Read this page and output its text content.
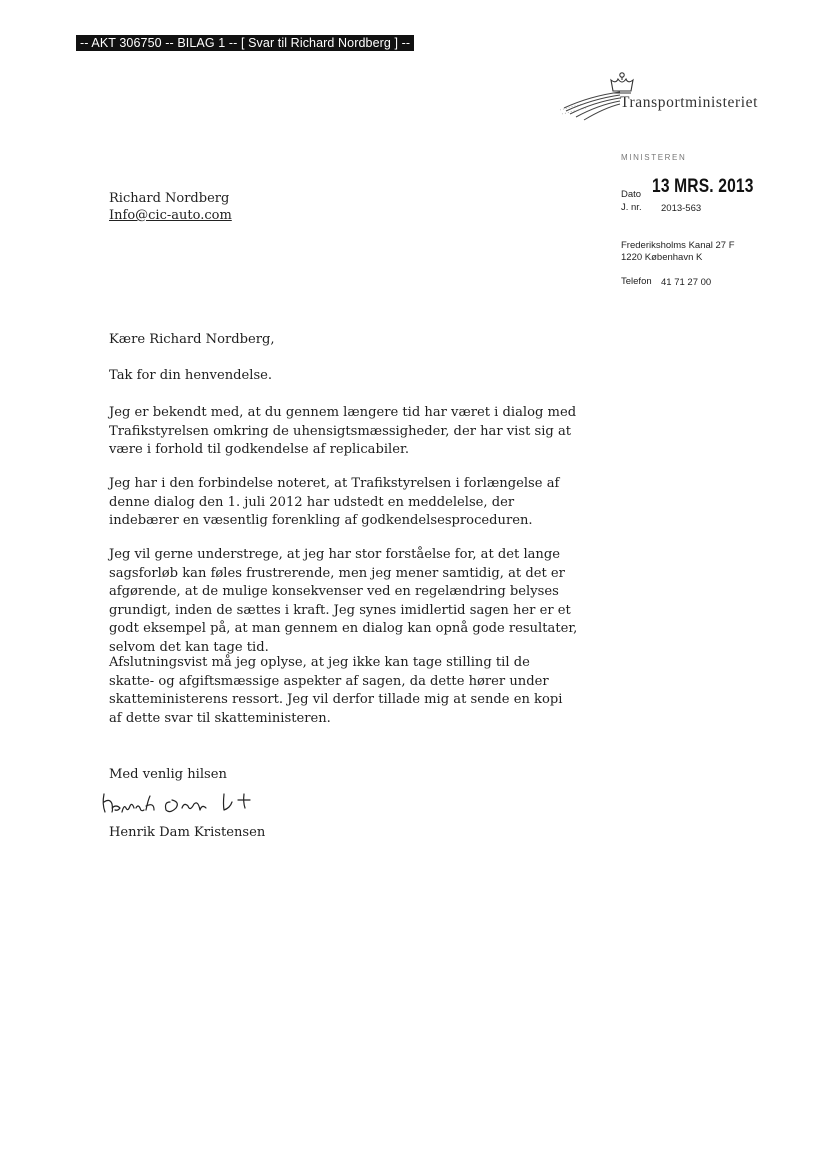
-- AKT 306750 -- BILAG 1 -- [ Svar til Richard Nordberg ] --
Transportministeriet
MINISTEREN
Dato 13 MRS. 2013
J. nr. 2013-563
Frederiksholms Kanal 27 F
1220 København K
Telefon 41 71 27 00
Richard Nordberg
Info@cic-auto.com
Kære Richard Nordberg,
Tak for din henvendelse.
Jeg er bekendt med, at du gennem længere tid har været i dialog med Trafikstyrelsen omkring de uhensigtsmæssigheder, der har vist sig at være i forhold til godkendelse af replicabiler.
Jeg har i den forbindelse noteret, at Trafikstyrelsen i forlængelse af denne dialog den 1. juli 2012 har udstedt en meddelelse, der indebærer en væsentlig forenkling af godkendelsesproceduren.
Jeg vil gerne understrege, at jeg har stor forståelse for, at det lange sagsforløb kan føles frustrerende, men jeg mener samtidig, at det er afgørende, at de mulige konsekvenser ved en regelændring belyses grundigt, inden de sættes i kraft. Jeg synes imidlertid sagen her er et godt eksempel på, at man gennem en dialog kan opnå gode resultater, selvom det kan tage tid.
Afslutningsvist må jeg oplyse, at jeg ikke kan tage stilling til de skatte- og afgiftsmæssige aspekter af sagen, da dette hører under skatteministerens ressort. Jeg vil derfor tillade mig at sende en kopi af dette svar til skatteministeren.
Med venlig hilsen
Henrik Dam Kristensen
